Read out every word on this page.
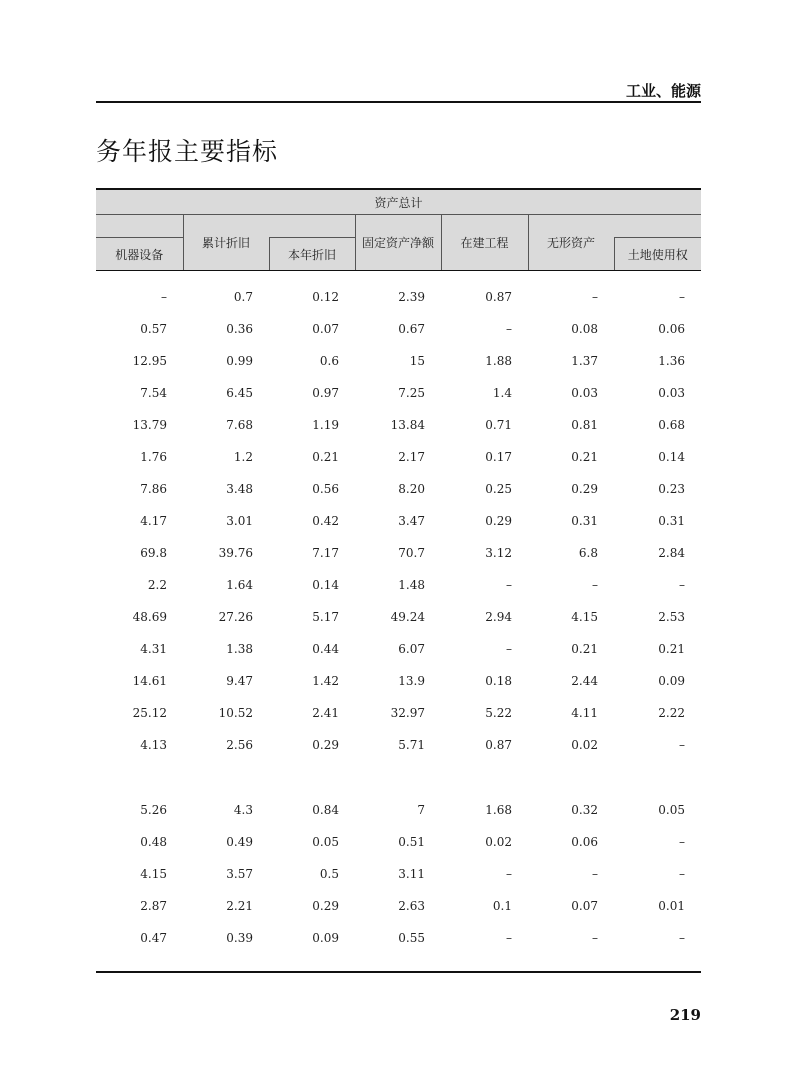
工业、能源
务年报主要指标
资产总计						
	累计折旧		固定资产净额	在建工程	无形资产	
机器设备						
		本年折旧				土地使用权
–	0.7	0.12	2.39	0.87	–	–
0.57	0.36	0.07	0.67	–	0.08	0.06
12.95	0.99	0.6	15	1.88	1.37	1.36
7.54	6.45	0.97	7.25	1.4	0.03	0.03
13.79	7.68	1.19	13.84	0.71	0.81	0.68
1.76	1.2	0.21	2.17	0.17	0.21	0.14
7.86	3.48	0.56	8.20	0.25	0.29	0.23
4.17	3.01	0.42	3.47	0.29	0.31	0.31
69.8	39.76	7.17	70.7	3.12	6.8	2.84
2.2	1.64	0.14	1.48	–	–	–
48.69	27.26	5.17	49.24	2.94	4.15	2.53
4.31	1.38	0.44	6.07	–	0.21	0.21
14.61	9.47	1.42	13.9	0.18	2.44	0.09
25.12	10.52	2.41	32.97	5.22	4.11	2.22
4.13	2.56	0.29	5.71	0.87	0.02	–

5.26	4.3	0.84	7	1.68	0.32	0.05
0.48	0.49	0.05	0.51	0.02	0.06	–
4.15	3.57	0.5	3.11	–	–	–
2.87	2.21	0.29	2.63	0.1	0.07	0.01
0.47	0.39	0.09	0.55	–	–	–
219
